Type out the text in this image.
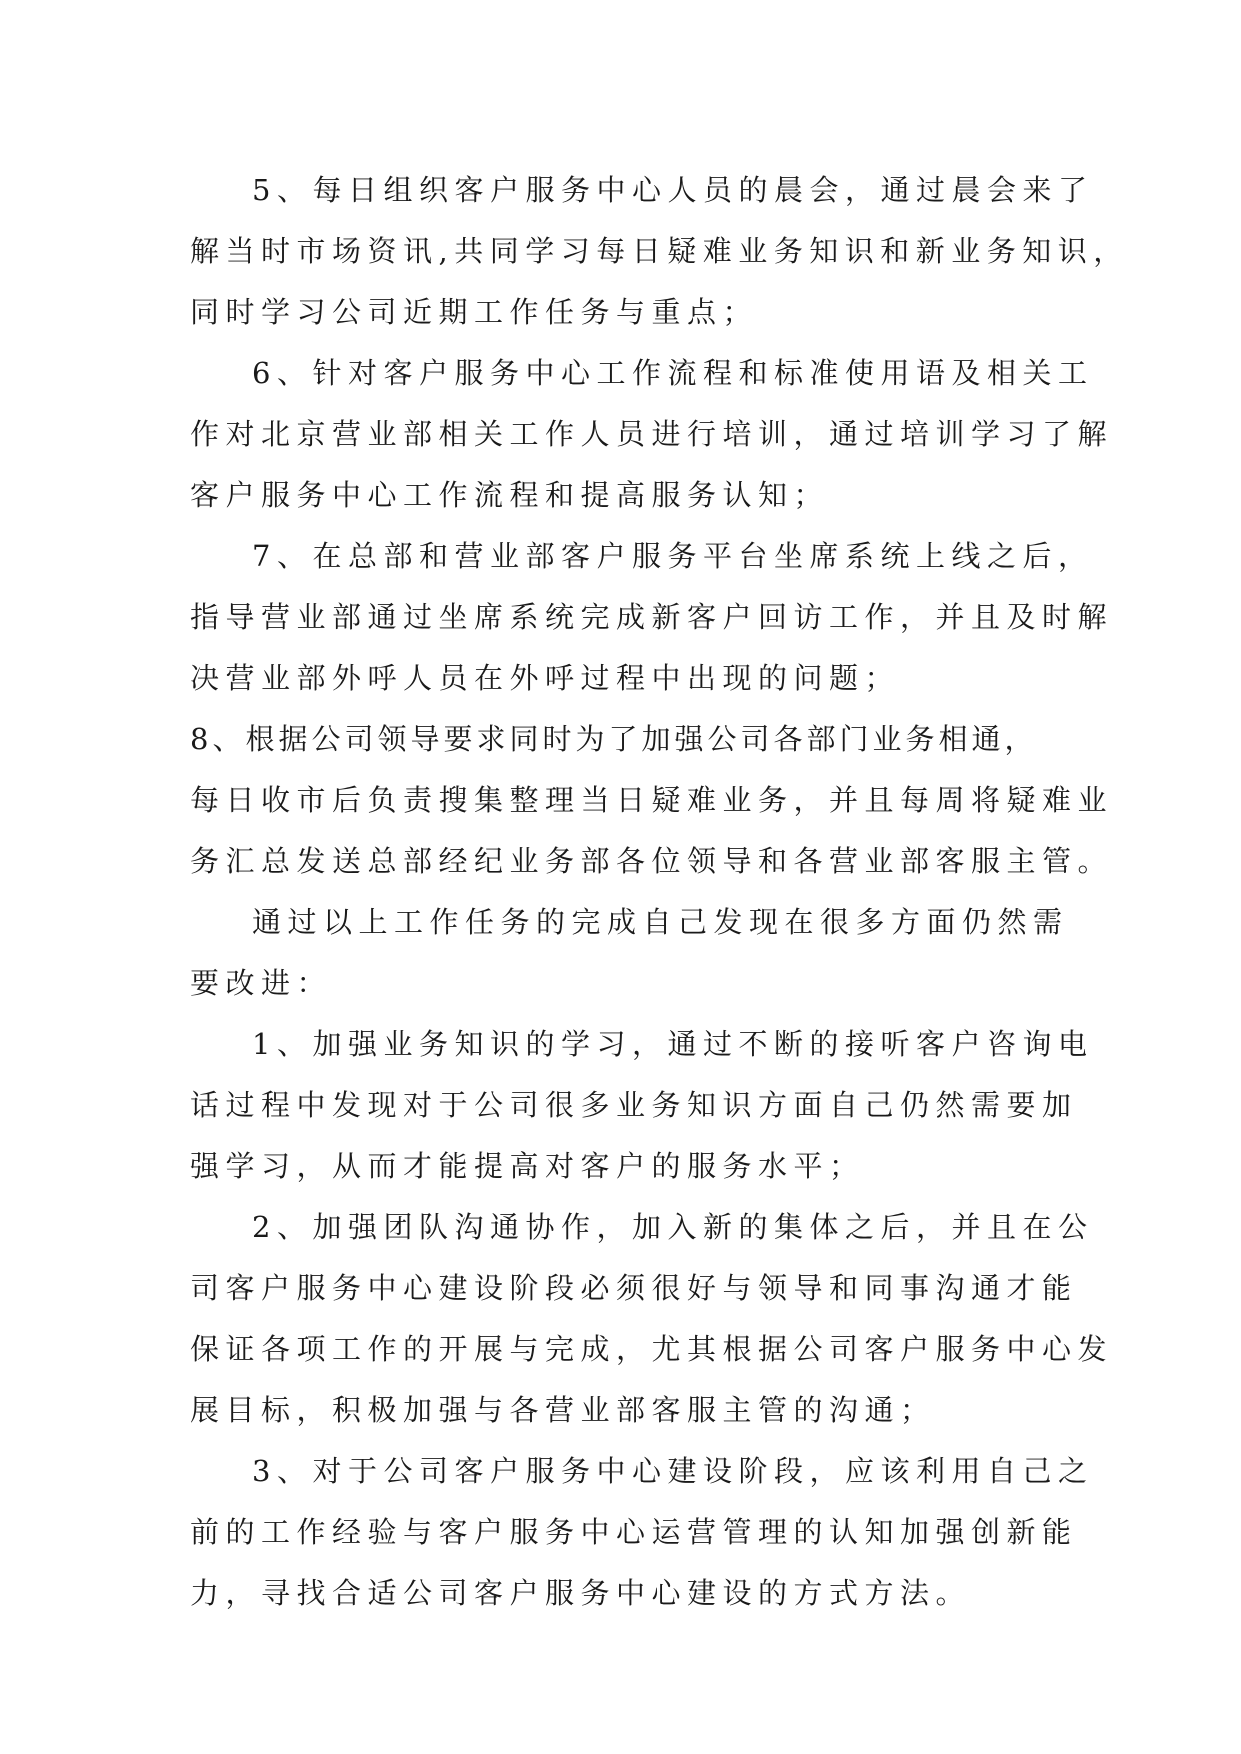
5、每日组织客户服务中心人员的晨会，通过晨会来了
解当时市场资讯,共同学习每日疑难业务知识和新业务知识，
同时学习公司近期工作任务与重点；

6、针对客户服务中心工作流程和标准使用语及相关工
作对北京营业部相关工作人员进行培训，通过培训学习了解
客户服务中心工作流程和提高服务认知；

7、在总部和营业部客户服务平台坐席系统上线之后，
指导营业部通过坐席系统完成新客户回访工作，并且及时解
决营业部外呼人员在外呼过程中出现的问题；

8、根据公司领导要求同时为了加强公司各部门业务相通，
每日收市后负责搜集整理当日疑难业务，并且每周将疑难业
务汇总发送总部经纪业务部各位领导和各营业部客服主管。

通过以上工作任务的完成自己发现在很多方面仍然需
要改进：

1、加强业务知识的学习，通过不断的接听客户咨询电
话过程中发现对于公司很多业务知识方面自己仍然需要加
强学习，从而才能提高对客户的服务水平；

2、加强团队沟通协作，加入新的集体之后，并且在公
司客户服务中心建设阶段必须很好与领导和同事沟通才能
保证各项工作的开展与完成，尤其根据公司客户服务中心发
展目标，积极加强与各营业部客服主管的沟通；

3、对于公司客户服务中心建设阶段，应该利用自己之
前的工作经验与客户服务中心运营管理的认知加强创新能
力，寻找合适公司客户服务中心建设的方式方法。
